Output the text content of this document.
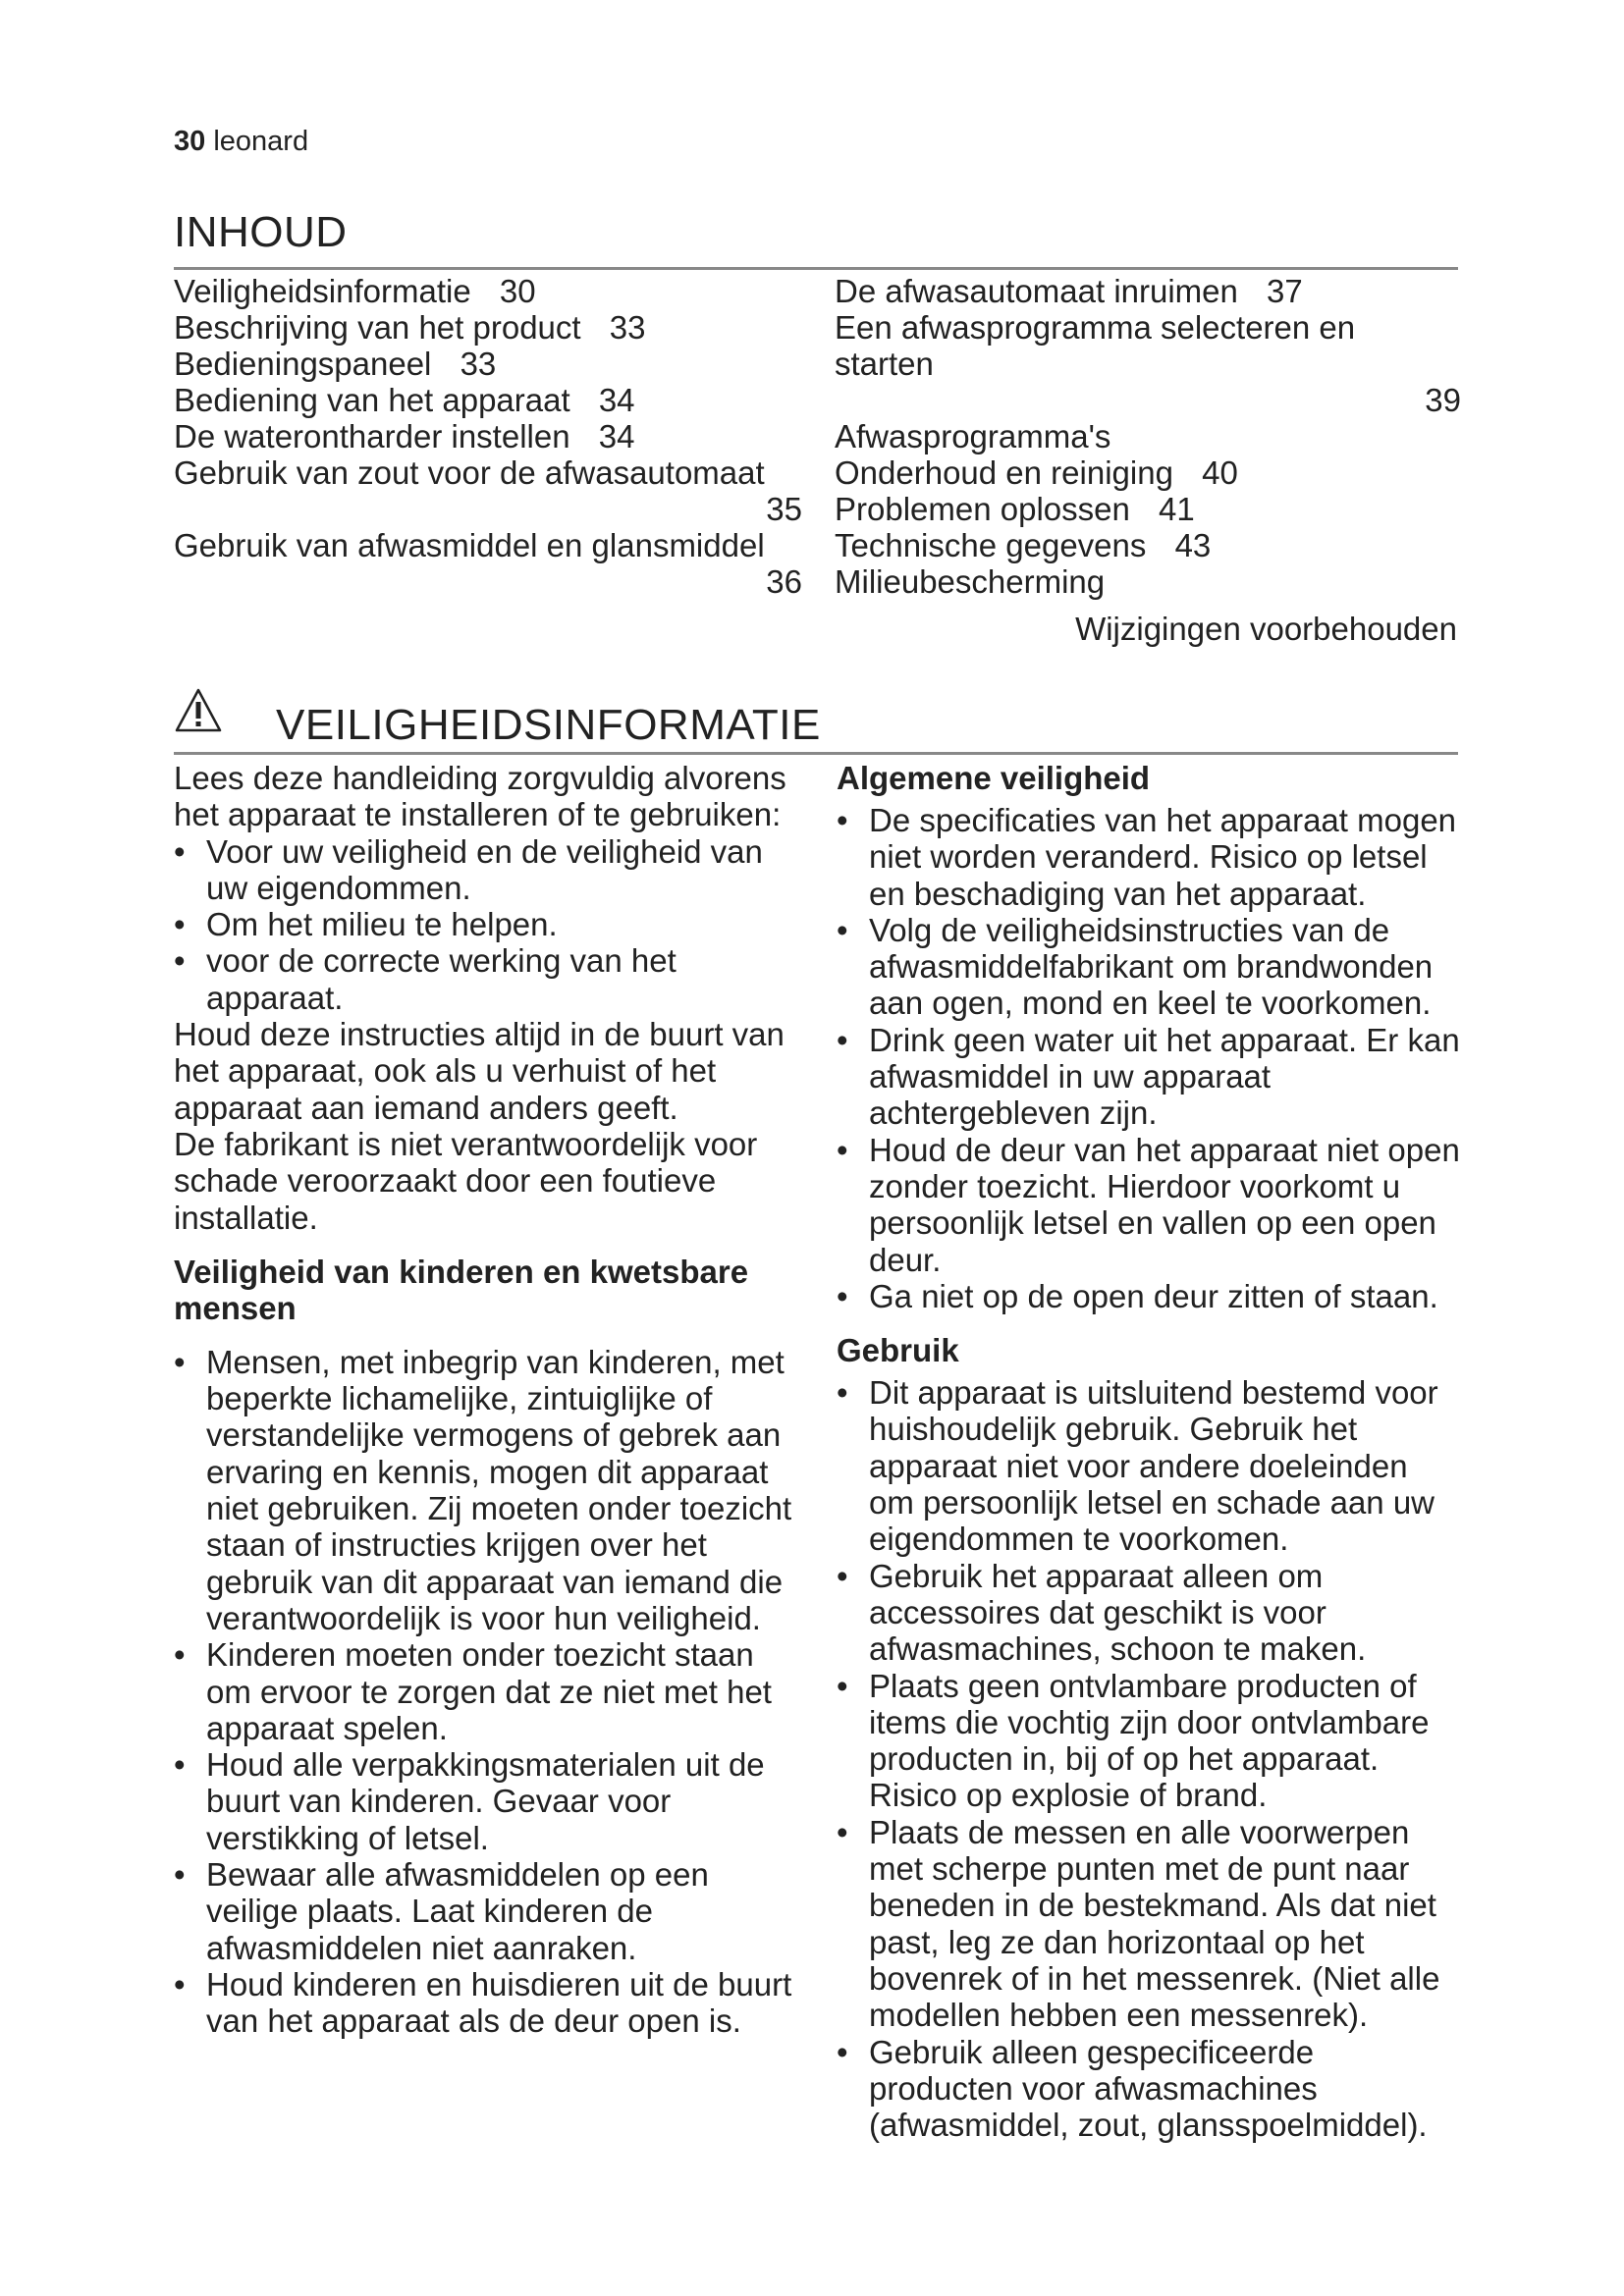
30 leonard
INHOUD
Veiligheidsinformatie 30
Beschrijving van het product 33
Bedieningspaneel 33
Bediening van het apparaat 34
De waterontharder instellen 34
Gebruik van zout voor de afwasautomaat
35
Gebruik van afwasmiddel en glansmiddel
36
De afwasautomaat inruimen 37
Een afwasprogramma selecteren en starten
39
Afwasprogramma's
Onderhoud en reiniging 40
Problemen oplossen 41
Technische gegevens 43
Milieubescherming
Wijzigingen voorbehouden
VEILIGHEIDSINFORMATIE

Lees deze handleiding zorgvuldig alvorens het apparaat te installeren of te gebruiken:

• Voor uw veiligheid en de veiligheid van uw eigendommen.
• Om het milieu te helpen.
• voor de correcte werking van het apparaat.

Houd deze instructies altijd in de buurt van het apparaat, ook als u verhuist of het apparaat aan iemand anders geeft.

De fabrikant is niet verantwoordelijk voor schade veroorzaakt door een foutieve installatie.

Veiligheid van kinderen en kwetsbare mensen
• Mensen, met inbegrip van kinderen, met beperkte lichamelijke, zintuiglijke of verstandelijke vermogens of gebrek aan ervaring en kennis, mogen dit apparaat niet gebruiken. Zij moeten onder toezicht staan of instructies krijgen over het gebruik van dit apparaat van iemand die verantwoordelijk is voor hun veiligheid.
• Kinderen moeten onder toezicht staan om ervoor te zorgen dat ze niet met het apparaat spelen.
• Houd alle verpakkingsmaterialen uit de buurt van kinderen. Gevaar voor verstikking of letsel.
• Bewaar alle afwasmiddelen op een veilige plaats. Laat kinderen de afwasmiddelen niet aanraken.
• Houd kinderen en huisdieren uit de buurt van het apparaat als de deur open is.
Algemene veiligheid
• De specificaties van het apparaat mogen niet worden veranderd. Risico op letsel en beschadiging van het apparaat.
• Volg de veiligheidsinstructies van de afwasmiddelfabrikant om brandwonden aan ogen, mond en keel te voorkomen.
• Drink geen water uit het apparaat. Er kan afwasmiddel in uw apparaat achtergebleven zijn.
• Houd de deur van het apparaat niet open zonder toezicht. Hierdoor voorkomt u persoonlijk letsel en vallen op een open deur.
• Ga niet op de open deur zitten of staan.
Gebruik
• Dit apparaat is uitsluitend bestemd voor huishoudelijk gebruik. Gebruik het apparaat niet voor andere doeleinden om persoonlijk letsel en schade aan uw eigendommen te voorkomen.
• Gebruik het apparaat alleen om accessoires dat geschikt is voor afwasmachines, schoon te maken.
• Plaats geen ontvlambare producten of items die vochtig zijn door ontvlambare producten in, bij of op het apparaat. Risico op explosie of brand.
• Plaats de messen en alle voorwerpen met scherpe punten met de punt naar beneden in de bestekmand. Als dat niet past, leg ze dan horizontaal op het bovenrek of in het messenrek. (Niet alle modellen hebben een messenrek).
• Gebruik alleen gespecificeerde producten voor afwasmachines (afwasmiddel, zout, glansspoelmiddel).
